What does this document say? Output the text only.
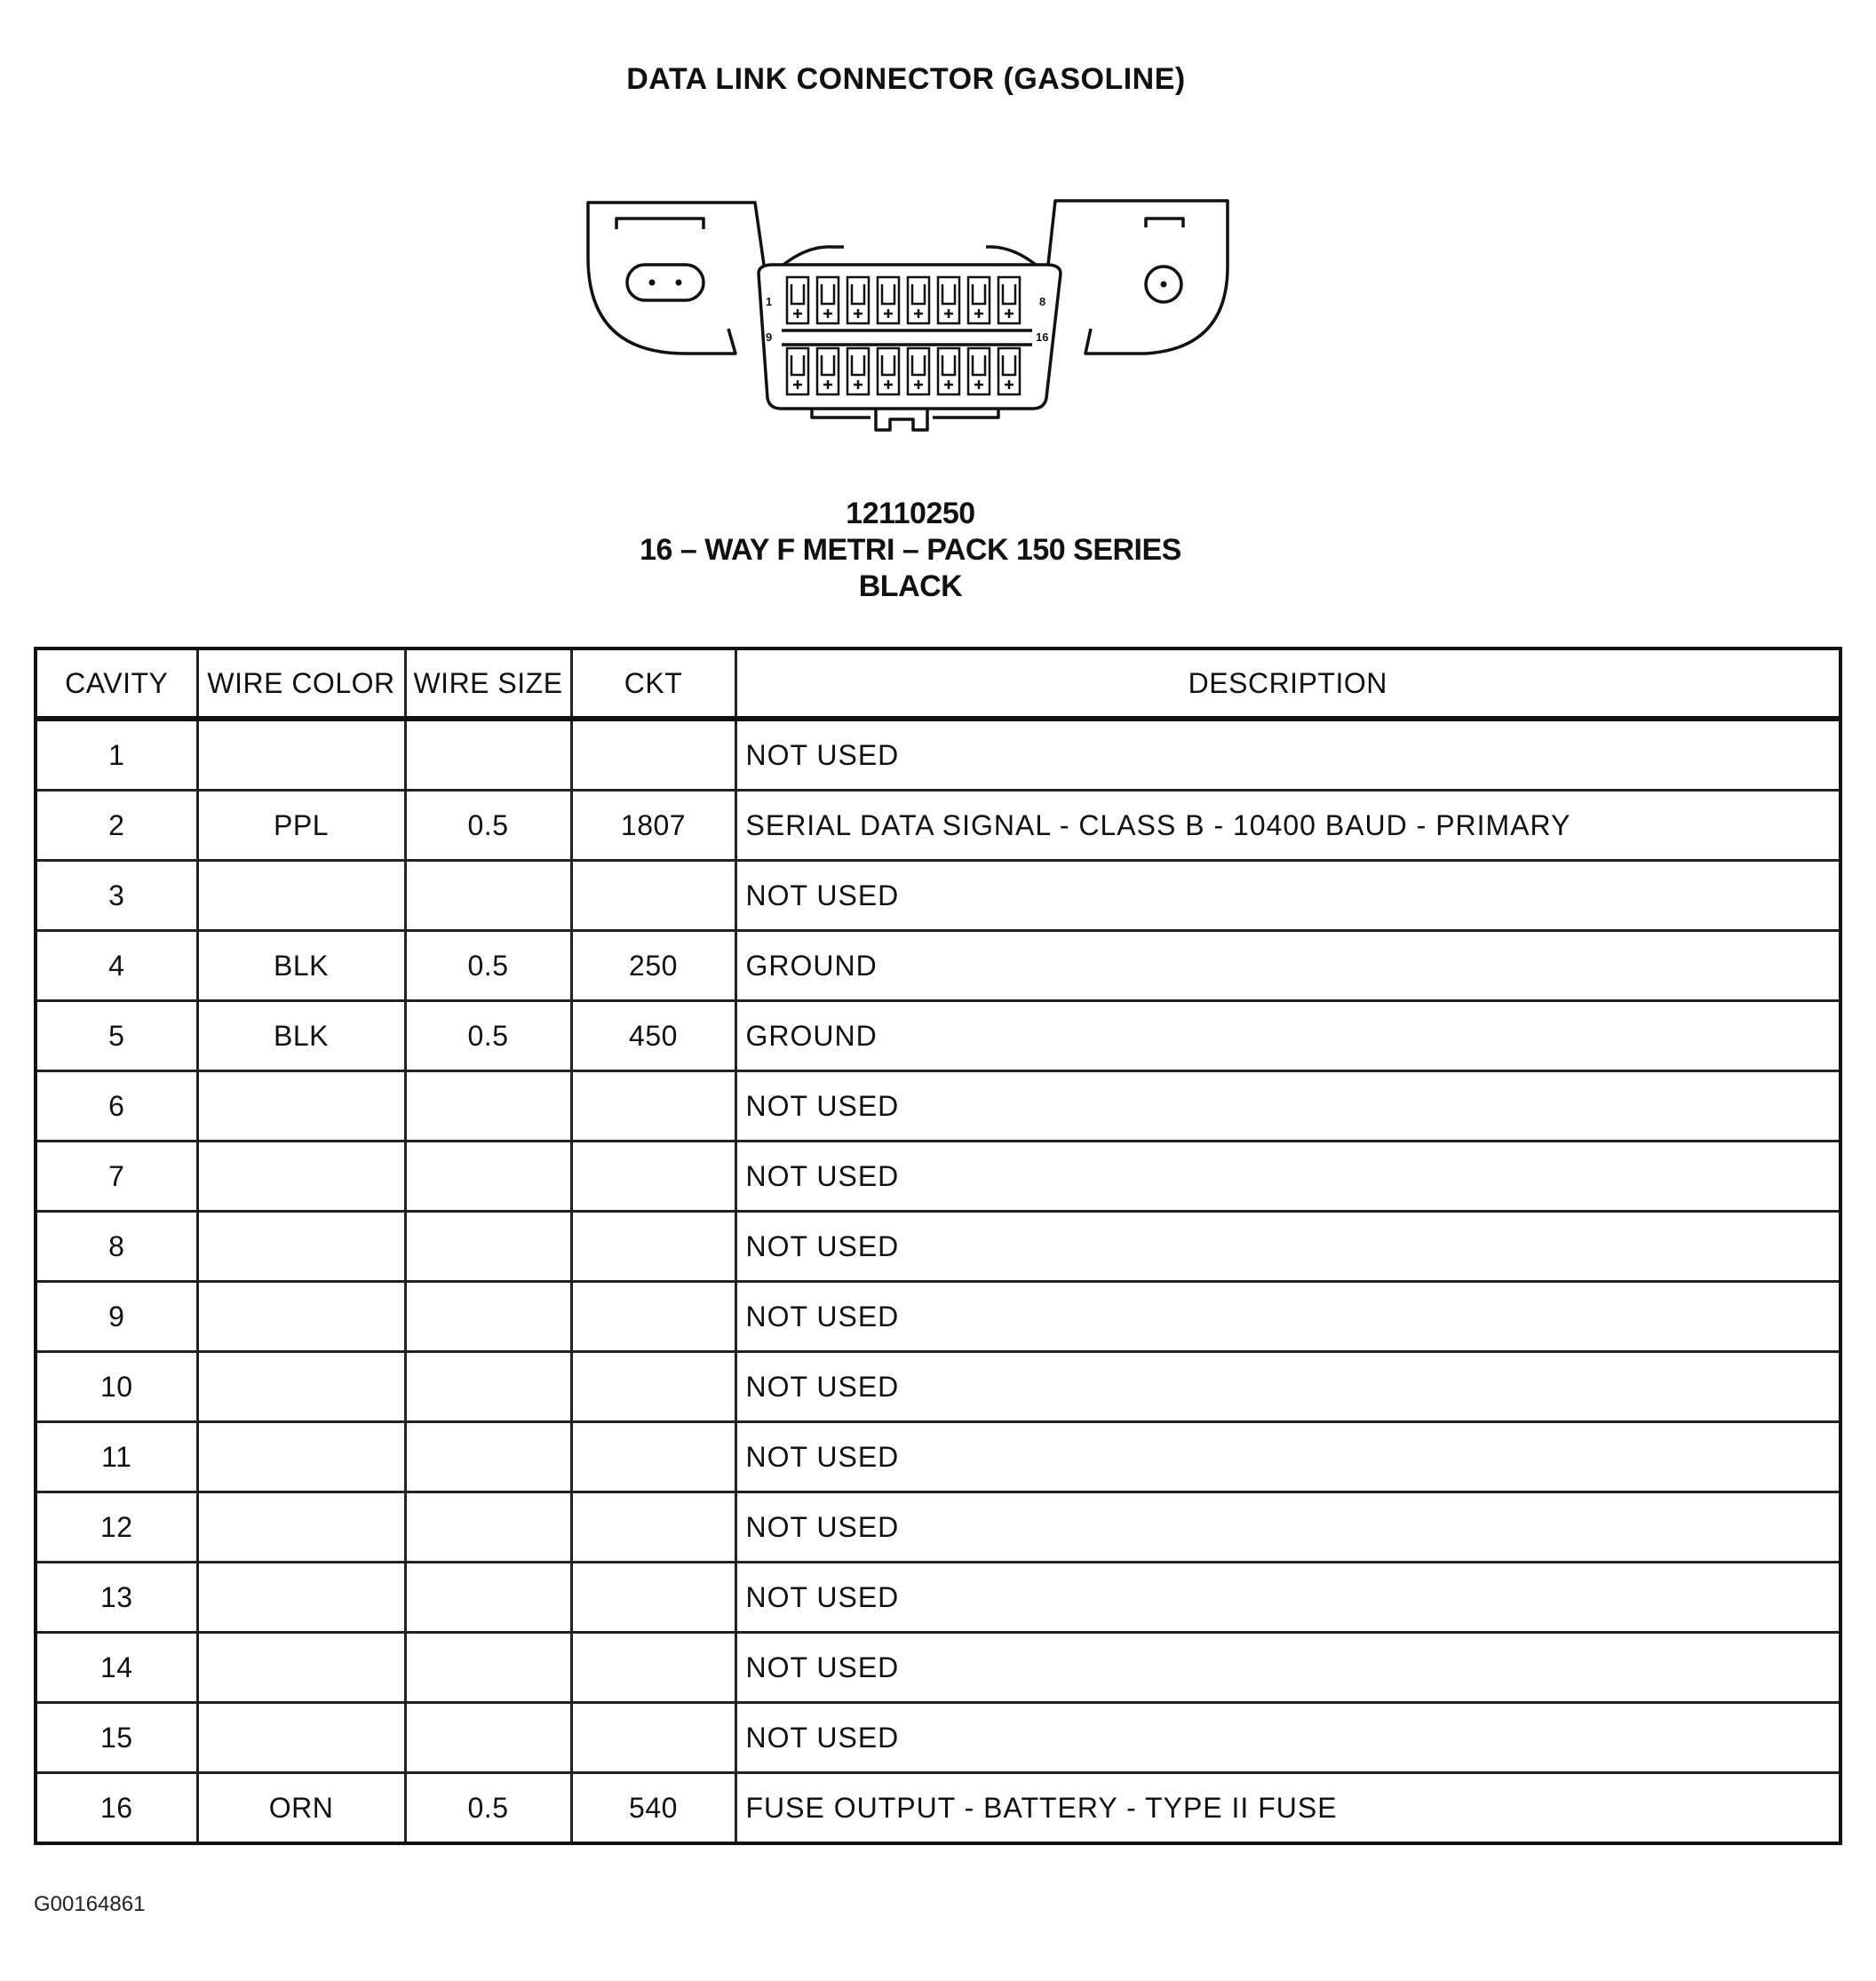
DATA LINK CONNECTOR (GASOLINE)
1	8
9	16
12110250
16 – WAY F METRI – PACK 150 SERIES
BLACK
CAVITY	WIRE COLOR	WIRE SIZE	CKT	DESCRIPTION
1				NOT USED
2	PPL	0.5	1807	SERIAL DATA SIGNAL - CLASS B - 10400 BAUD - PRIMARY
3				NOT USED
4	BLK	0.5	250	GROUND
5	BLK	0.5	450	GROUND
6				NOT USED
7				NOT USED
8				NOT USED
9				NOT USED
10				NOT USED
11				NOT USED
12				NOT USED
13				NOT USED
14				NOT USED
15				NOT USED
16	ORN	0.5	540	FUSE OUTPUT - BATTERY - TYPE II FUSE
G00164861
